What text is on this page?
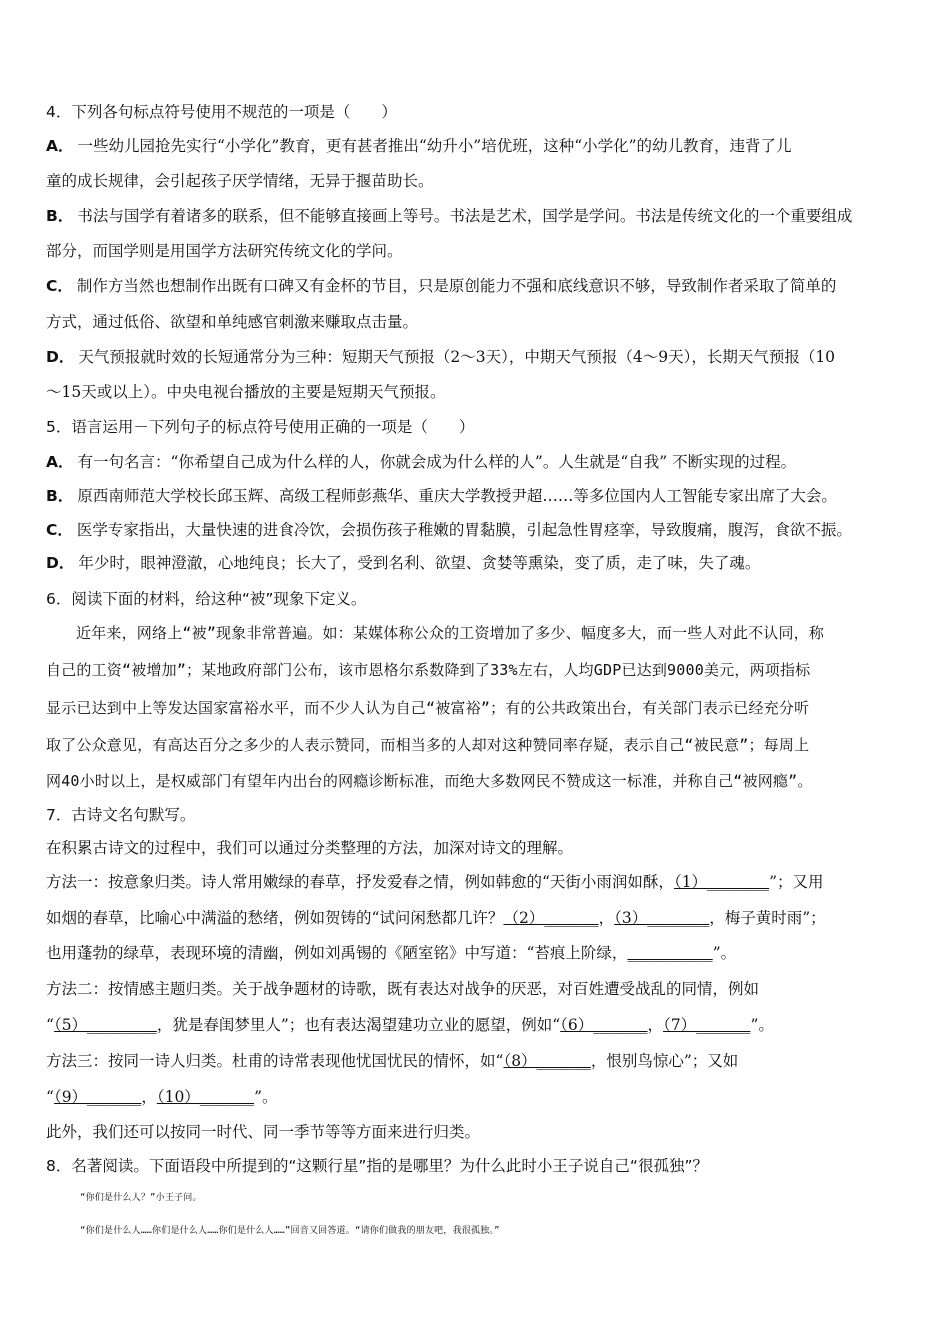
4．下列各句标点符号使用不规范的一项是（　　）
A． 一些幼儿园抢先实行“小学化”教育，更有甚者推出“幼升小”培优班，这种“小学化”的幼儿教育，违背了儿
童的成长规律，会引起孩子厌学情绪，无异于揠苗助长。
B． 书法与国学有着诸多的联系，但不能够直接画上等号。书法是艺术，国学是学问。书法是传统文化的一个重要组成
部分，而国学则是用国学方法研究传统文化的学问。
C． 制作方当然也想制作出既有口碑又有金杯的节目，只是原创能力不强和底线意识不够，导致制作者采取了简单的
方式，通过低俗、欲望和单纯感官刺激来赚取点击量。
D． 天气预报就时效的长短通常分为三种：短期天气预报（2～3天），中期天气预报（4～9天），长期天气预报（10
～15天或以上）。中央电视台播放的主要是短期天气预报。
5．语言运用－下列句子的标点符号使用正确的一项是（　　）
A． 有一句名言：“你希望自己成为什么样的人，你就会成为什么样的人”。人生就是“自我” 不断实现的过程。
B． 原西南师范大学校长邱玉辉、高级工程师彭燕华、重庆大学教授尹超……等多位国内人工智能专家出席了大会。
C． 医学专家指出，大量快速的进食冷饮，会损伤孩子稚嫩的胃黏膜，引起急性胃痉挛，导致腹痛，腹泻，食欲不振。
D． 年少时，眼神澄澈，心地纯良；长大了，受到名利、欲望、贪婪等熏染，变了质，走了味，失了魂。
6．阅读下面的材料，给这种“被”现象下定义。
近年来，网络上“被”现象非常普遍。如：某媒体称公众的工资增加了多少、幅度多大，而一些人对此不认同，称
自己的工资“被增加”；某地政府部门公布，该市恩格尔系数降到了33%左右，人均GDP已达到9000美元，两项指标
显示已达到中上等发达国家富裕水平，而不少人认为自己“被富裕”；有的公共政策出台，有关部门表示已经充分听
取了公众意见，有高达百分之多少的人表示赞同，而相当多的人却对这种赞同率存疑，表示自己“被民意”；每周上
网40小时以上，是权威部门有望年内出台的网瘾诊断标准，而绝大多数网民不赞成这一标准，并称自己“被网瘾”。
7．古诗文名句默写。
在积累古诗文的过程中，我们可以通过分类整理的方法，加深对诗文的理解。
方法一：按意象归类。诗人常用嫩绿的春草，抒发爱春之情，例如韩愈的“天街小雨润如酥，（1）________”；又用
如烟的春草，比喻心中满溢的愁绪，例如贺铸的“试问闲愁都几许？（2）_______，（3）________，梅子黄时雨”；
也用蓬勃的绿草，表现环境的清幽，例如刘禹锡的《陋室铭》中写道：“苔痕上阶绿，___________”。
方法二：按情感主题归类。关于战争题材的诗歌，既有表达对战争的厌恶，对百姓遭受战乱的同情，例如
“（5）_________，犹是春闺梦里人”；也有表达渴望建功立业的愿望，例如“（6）_______，（7）_______”。
方法三：按同一诗人归类。杜甫的诗常表现他忧国忧民的情怀，如“（8）_______，恨别鸟惊心”；又如
“（9）_______，（10）_______”。
此外，我们还可以按同一时代、同一季节等等方面来进行归类。
8．名著阅读。下面语段中所提到的“这颗行星”指的是哪里？为什么此时小王子说自己“很孤独”？
“你们是什么人？”小王子问。
“你们是什么人……你们是什么人……你们是什么人……”回音又回答道。“请你们做我的朋友吧，我很孤独。”
